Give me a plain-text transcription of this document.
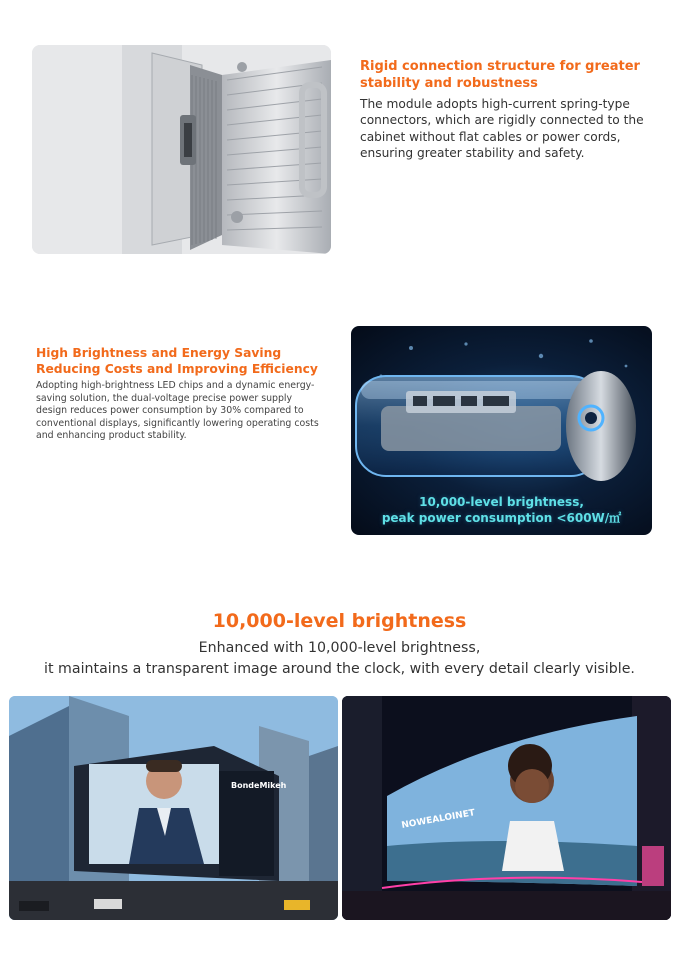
Rigid connection structure for greater stability and robustness
The module adopts high-current spring-type connectors, which are rigidly connected to the cabinet without flat cables or power cords, ensuring greater stability and safety.
High Brightness and Energy Saving Reducing Costs and Improving Efficiency
Adopting high-brightness LED chips and a dynamic energy-saving solution, the dual-voltage precise power supply design reduces power consumption by 30% compared to conventional displays, significantly lowering operating costs and enhancing product stability.
10,000-level brightness,
peak power consumption <600W/㎡
10,000-level brightness
Enhanced with 10,000-level brightness,
it maintains a transparent image around the clock, with every detail clearly visible.
BondeMikeh
NOWEALOINET
